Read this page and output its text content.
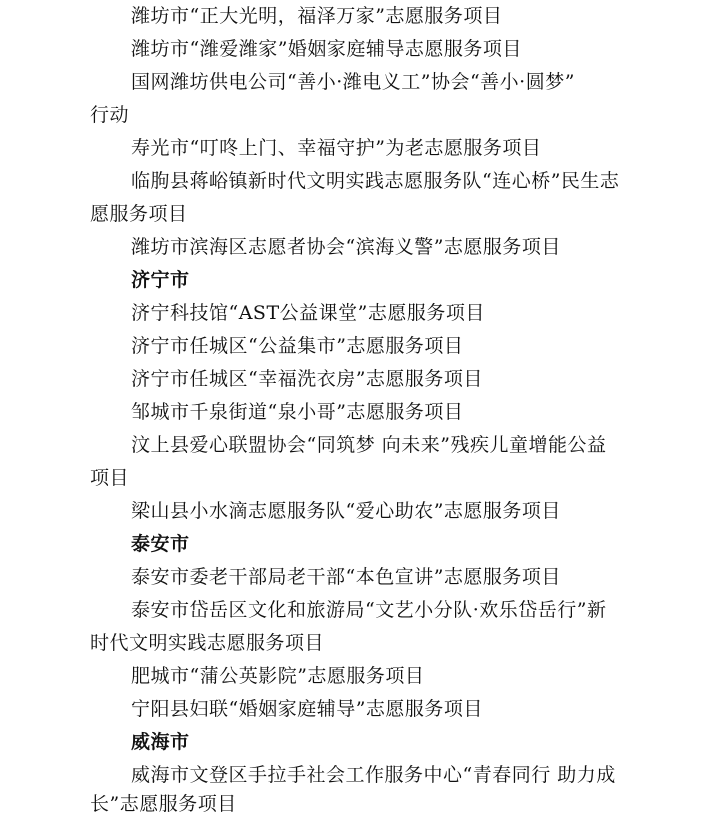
潍坊市“正大光明，福泽万家”志愿服务项目
潍坊市“潍爱潍家”婚姻家庭辅导志愿服务项目
国网潍坊供电公司“善小·潍电义工”协会“善小·圆梦”
行动
寿光市“叮咚上门、幸福守护”为老志愿服务项目
临朐县蒋峪镇新时代文明实践志愿服务队“连心桥”民生志
愿服务项目
潍坊市滨海区志愿者协会“滨海义警”志愿服务项目
济宁市
济宁科技馆“AST公益课堂”志愿服务项目
济宁市任城区“公益集市”志愿服务项目
济宁市任城区“幸福洗衣房”志愿服务项目
邹城市千泉街道“泉小哥”志愿服务项目
汶上县爱心联盟协会“同筑梦 向未来”残疾儿童增能公益
项目
梁山县小水滴志愿服务队“爱心助农”志愿服务项目
泰安市
泰安市委老干部局老干部“本色宣讲”志愿服务项目
泰安市岱岳区文化和旅游局“文艺小分队·欢乐岱岳行”新
时代文明实践志愿服务项目
肥城市“蒲公英影院”志愿服务项目
宁阳县妇联“婚姻家庭辅导”志愿服务项目
威海市
威海市文登区手拉手社会工作服务中心“青春同行 助力成
长”志愿服务项目
